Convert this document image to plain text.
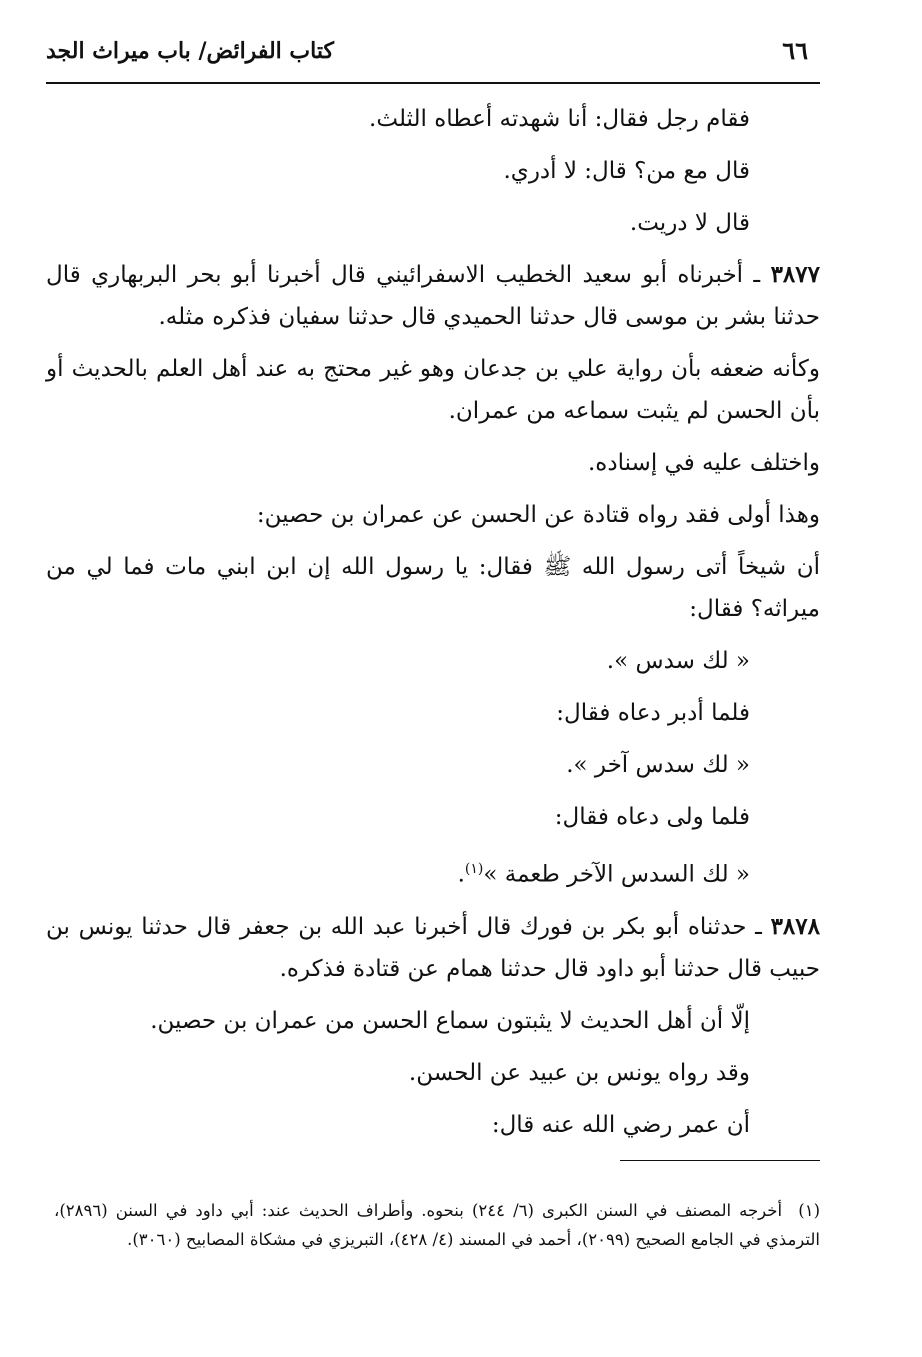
٦٦
كتاب الفرائض/ باب ميراث الجد

فقام رجل فقال: أنا شهدته أعطاه الثلث.

قال مع من؟ قال: لا أدري.

قال لا دريت.

٣٨٧٧ ـ أخبرناه أبو سعيد الخطيب الاسفرائيني قال أخبرنا أبو بحر البربهاري قال حدثنا بشر بن موسى قال حدثنا الحميدي قال حدثنا سفيان فذكره مثله.

وكأنه ضعفه بأن رواية علي بن جدعان وهو غير محتج به عند أهل العلم بالحديث أو بأن الحسن لم يثبت سماعه من عمران.

واختلف عليه في إسناده.

وهذا أولى فقد رواه قتادة عن الحسن عن عمران بن حصين:

أن شيخاً أتى رسول الله ﷺ فقال: يا رسول الله إن ابن ابني مات فما لي من ميراثه؟ فقال:

« لك سدس ».

فلما أدبر دعاه فقال:

« لك سدس آخر ».

فلما ولى دعاه فقال:

« لك السدس الآخر طعمة »$^{(١)}$.

٣٨٧٨ ـ حدثناه أبو بكر بن فورك قال أخبرنا عبد الله بن جعفر قال حدثنا يونس بن حبيب قال حدثنا أبو داود قال حدثنا همام عن قتادة فذكره.

إلّا أن أهل الحديث لا يثبتون سماع الحسن من عمران بن حصين.

وقد رواه يونس بن عبيد عن الحسن.

أن عمر رضي الله عنه قال:

(١)  أخرجه المصنف في السنن الكبرى (٦/ ٢٤٤) بنحوه. وأطراف الحديث عند: أبي داود في السنن (٢٨٩٦)، الترمذي في الجامع الصحيح (٢٠٩٩)، أحمد في المسند (٤/ ٤٢٨)، التبريزي في مشكاة المصابيح (٣٠٦٠).
